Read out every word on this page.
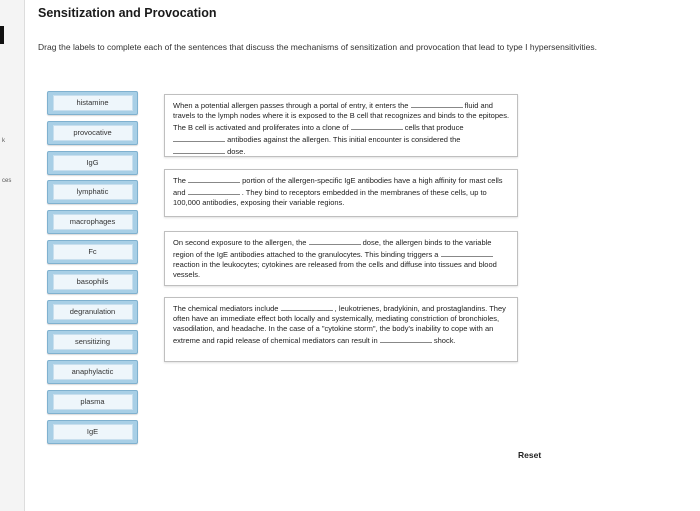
k
ces
Sensitization and Provocation
Drag the labels to complete each of the sentences that discuss the mechanisms of sensitization and provocation that lead to type I hypersensitivities.
histamine
provocative
IgG
lymphatic
macrophages
Fc
basophils
degranulation
sensitizing
anaphylactic
plasma
IgE
When a potential allergen passes through a portal of entry, it enters the	fluid and travels to the lymph nodes where it is exposed to the B cell that recognizes and binds to the epitopes. The B cell is activated and proliferates into a clone of	cells that produce  antibodies against the allergen. This initial encounter is considered the  dose.
The	portion of the allergen-specific IgE antibodies have a high affinity for mast cells and	. They bind to receptors embedded in the membranes of these cells, up to 100,000 antibodies, exposing their variable regions.
On second exposure to the allergen, the	dose, the allergen binds to the variable region of the IgE antibodies attached to the granulocytes. This binding triggers a  reaction in the leukocytes; cytokines are released from the cells and diffuse into tissues and blood vessels.
The chemical mediators include	, leukotrienes, bradykinin, and prostaglandins. They often have an immediate effect both locally and systemically, mediating constriction of bronchioles, vasodilation, and headache. In the case of a "cytokine storm", the body's inability to cope with an extreme and rapid release of chemical mediators can result in	shock.
Reset
